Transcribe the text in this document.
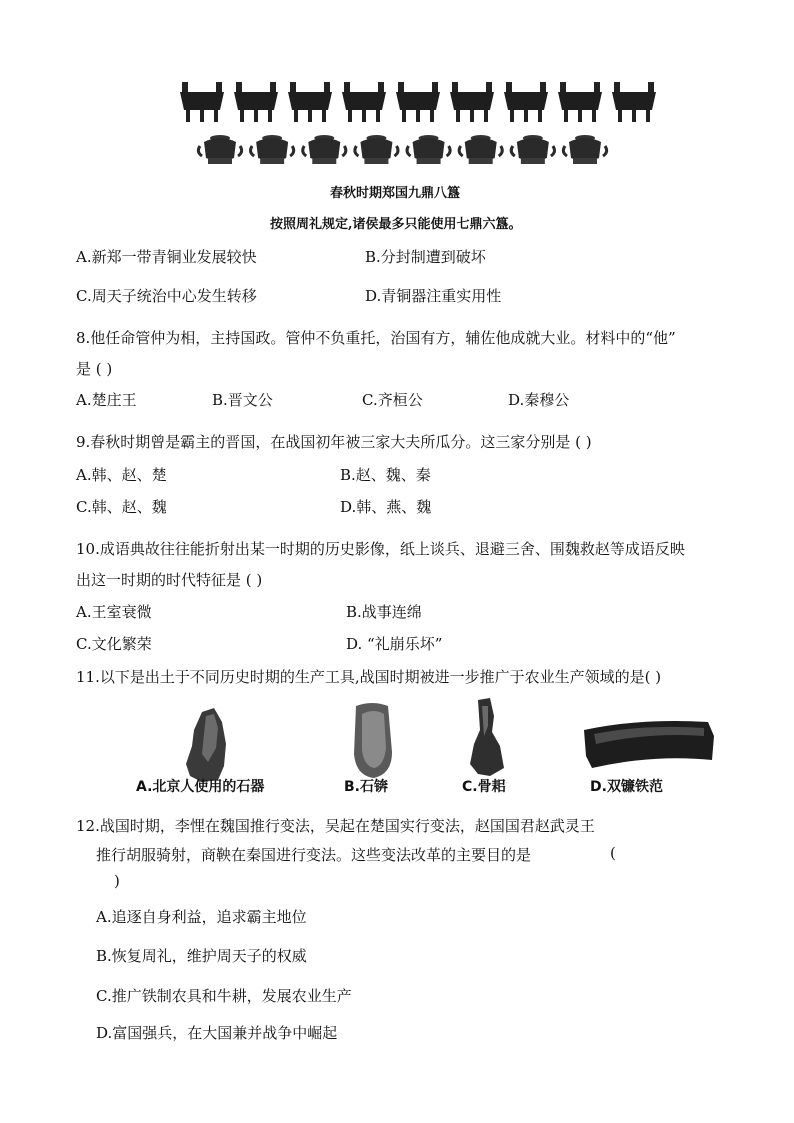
春秋时期郑国九鼎八簋
按照周礼规定,诸侯最多只能使用七鼎六簋。
A.新郑一带青铜业发展较快	B.分封制遭到破坏
C.周天子统治中心发生转移	D.青铜器注重实用性
8.他任命管仲为相，主持国政。管仲不负重托，治国有方，辅佐他成就大业。材料中的“他”
是 ( )
A.楚庄王	B.晋文公	C.齐桓公	D.秦穆公
9.春秋时期曾是霸主的晋国，在战国初年被三家大夫所瓜分。这三家分别是 ( )
A.韩、赵、楚	B.赵、魏、秦
C.韩、赵、魏	D.韩、燕、魏
10.成语典故往往能折射出某一时期的历史影像，纸上谈兵、退避三舍、围魏救赵等成语反映
出这一时期的时代特征是 ( )
A.王室衰微	B.战事连绵
C.文化繁荣	D. “礼崩乐坏”
11.以下是出土于不同历史时期的生产工具,战国时期被进一步推广于农业生产领域的是( )
A.北京人使用的石器	B.石锛	C.骨耜	D.双镰铁范
12.战国时期，李悝在魏国推行变法，吴起在楚国实行变法，赵国国君赵武灵王
推行胡服骑射，商鞅在秦国进行变法。这些变法改革的主要目的是	(
)
A.追逐自身利益，追求霸主地位
B.恢复周礼，维护周天子的权威
C.推广铁制农具和牛耕，发展农业生产
D.富国强兵，在大国兼并战争中崛起
